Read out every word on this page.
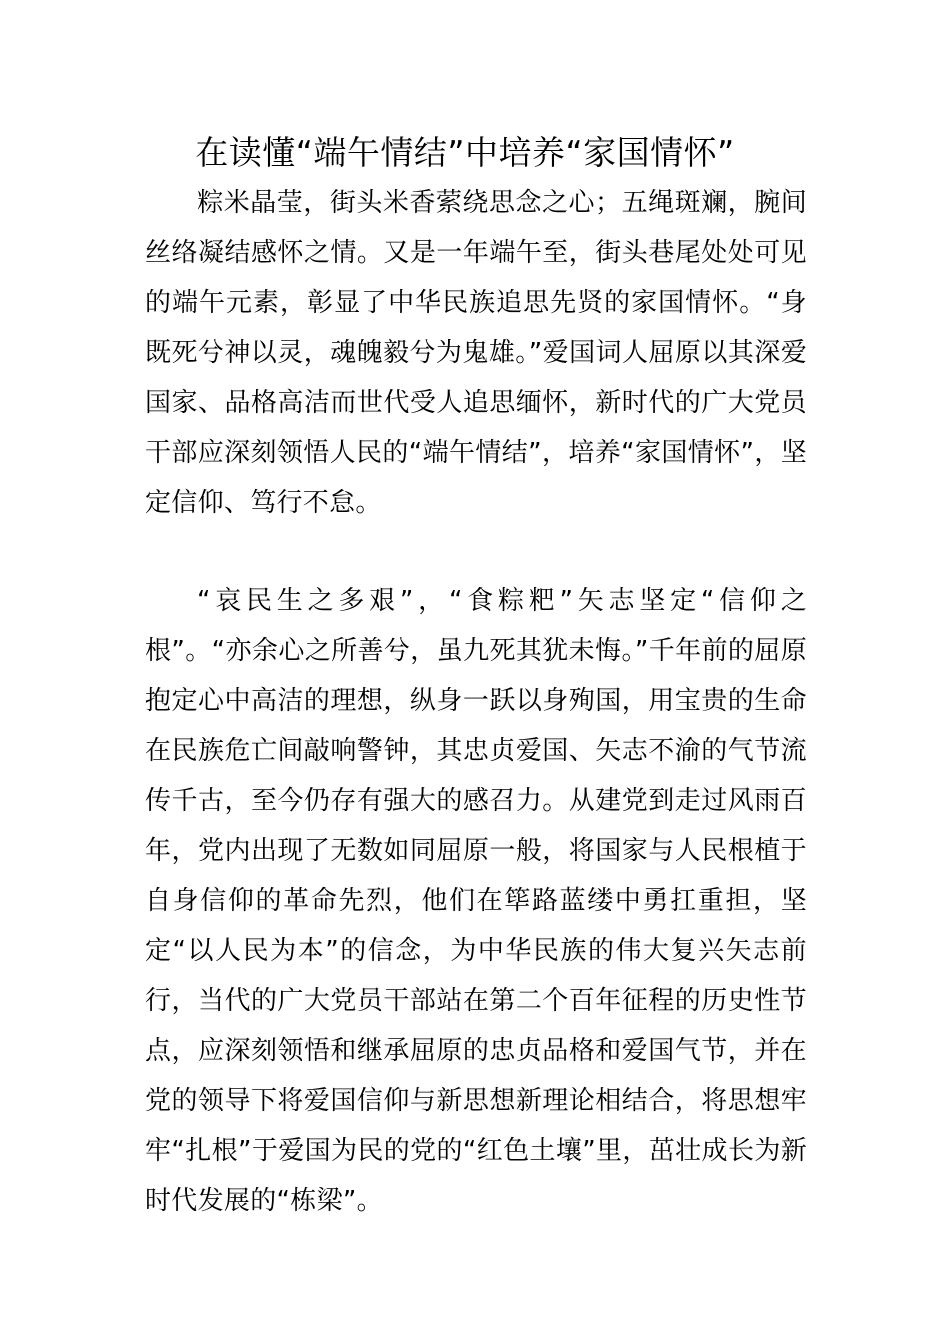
在读懂“端午情结”中培养“家国情怀”

粽米晶莹，街头米香萦绕思念之心；五绳斑斓，腕间丝络凝结感怀之情。又是一年端午至，街头巷尾处处可见的端午元素，彰显了中华民族追思先贤的家国情怀。“身既死兮神以灵，魂魄毅兮为鬼雄。”爱国词人屈原以其深爱国家、品格高洁而世代受人追思缅怀，新时代的广大党员干部应深刻领悟人民的“端午情结”，培养“家国情怀”，坚定信仰、笃行不怠。

“哀民生之多艰”，“食粽粑”矢志坚定“信仰之根”。“亦余心之所善兮，虽九死其犹未悔。”千年前的屈原抱定心中高洁的理想，纵身一跃以身殉国，用宝贵的生命在民族危亡间敲响警钟，其忠贞爱国、矢志不渝的气节流传千古，至今仍存有强大的感召力。从建党到走过风雨百年，党内出现了无数如同屈原一般，将国家与人民根植于自身信仰的革命先烈，他们在筚路蓝缕中勇扛重担，坚定“以人民为本”的信念，为中华民族的伟大复兴矢志前行，当代的广大党员干部站在第二个百年征程的历史性节点，应深刻领悟和继承屈原的忠贞品格和爱国气节，并在党的领导下将爱国信仰与新思想新理论相结合，将思想牢牢“扎根”于爱国为民的党的“红色土壤”里，茁壮成长为新时代发展的“栋梁”。
